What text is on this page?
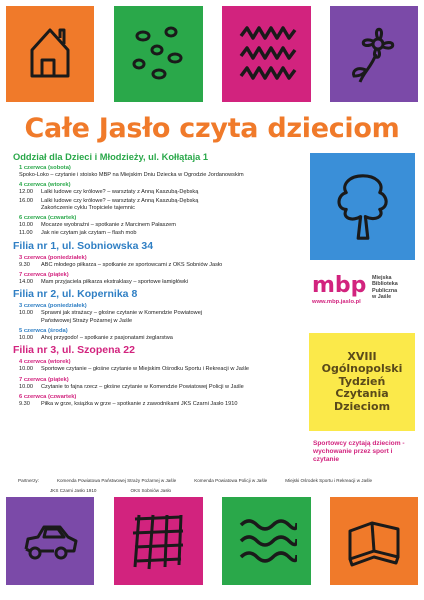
Całe Jasło czyta dzieciom
Oddział dla Dzieci i Młodzieży, ul. Kołłątaja 1
1 czerwca (sobota)
Spoko-Loko – czytanie i stoisko MBP na Miejskim Dniu Dziecka w Ogrodzie Jordanowskim
4 czerwca (wtorek)
12.00	Lalki ludowe czy królowe? – warsztaty z Anną Kaszubą-Dębską
16.00	Lalki ludowe czy królowe? – warsztaty z Anną Kaszubą-Dębską
Zakończenie cyklu Tropiciele tajemnic
6 czerwca (czwartek)
10.00	Mocarze wyobraźni – spotkanie z Marcinem Pałaszem
11.00	Jak nie czytam jak czytam – flash mob
Filia nr 1, ul. Sobniowska 34
3 czerwca (poniedziałek)
9.30	ABC młodego piłkarza – spotkanie ze sportowcami z OKS Sobniów Jasło
7 czerwca (piątek)
14.00	Mam przyjaciela piłkarza ekstraklasy – sportowe łamigłówki
Filia nr 2, ul. Kopernika 8
3 czerwca (poniedziałek)
10.00	Sprawni jak strażacy – głośne czytanie w Komendzie Powiatowej
Państwowej Straży Pożarnej w Jaśle
5 czerwca (środa)
10.00	Ahoj przygodo! – spotkanie z pasjonatami żeglarstwa
Filia nr 3, ul. Szopena 22
4 czerwca (wtorek)
10.00	Sportowe czytanie – głośne czytanie w Miejskim Ośrodku Sportu i Rekreacji w Jaśle
7 czerwca (piątek)
10.00	Czytanie to fajna rzecz – głośne czytanie w Komendzie Powiatowej Policji w Jaśle
6 czerwca (czwartek)
9.30	Piłka w grze, książka w grze – spotkanie z zawodnikami JKS Czarni Jasło 1910
Partnerzy:	Komenda Powiatowa Państwowej Straży Pożarnej w Jaśle	Komenda Powiatowa Policji w Jaśle	Miejski Ośrodek Sportu i Rekreacji w Jaśle
JKS Czarni Jasło 1910	OKS Sobniów Jasło
mbp Miejska
Biblioteka
Publiczna
w Jaśle
www.mbp.jaslo.pl
XVIII
Ogólnopolski
Tydzień
Czytania
Dzieciom
Sportowcy czytają dzieciom - wychowanie przez sport i czytanie
